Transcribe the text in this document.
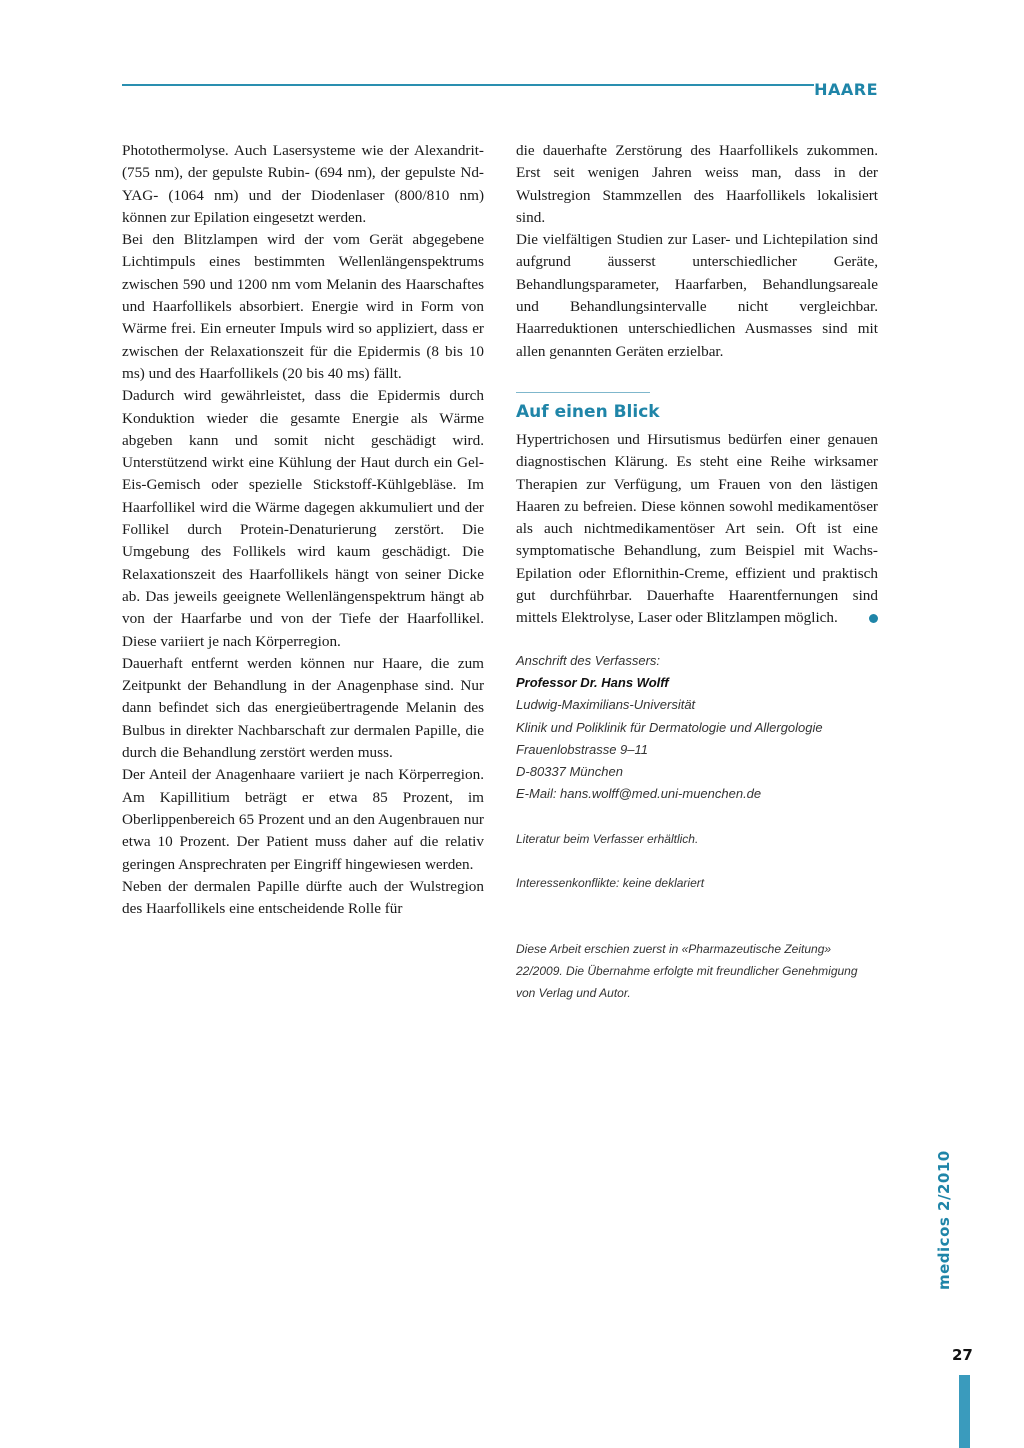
HAARE

Photothermolyse. Auch Lasersysteme wie der Alexandrit- (755 nm), der gepulste Rubin- (694 nm), der gepulste Nd-YAG- (1064 nm) und der Diodenlaser (800/810 nm) können zur Epilation eingesetzt werden.

Bei den Blitzlampen wird der vom Gerät abgegebene Lichtimpuls eines bestimmten Wellenlängenspektrums zwischen 590 und 1200 nm vom Melanin des Haarschaftes und Haarfollikels absorbiert. Energie wird in Form von Wärme frei. Ein erneuter Impuls wird so appliziert, dass er zwischen der Relaxationszeit für die Epidermis (8 bis 10 ms) und des Haarfollikels (20 bis 40 ms) fällt.

Dadurch wird gewährleistet, dass die Epidermis durch Konduktion wieder die gesamte Energie als Wärme abgeben kann und somit nicht geschädigt wird. Unterstützend wirkt eine Kühlung der Haut durch ein Gel-Eis-Gemisch oder spezielle Stickstoff-Kühlgebläse. Im Haarfollikel wird die Wärme dagegen akkumuliert und der Follikel durch Protein-Denaturierung zerstört. Die Umgebung des Follikels wird kaum geschädigt. Die Relaxationszeit des Haarfollikels hängt von seiner Dicke ab. Das jeweils geeignete Wellenlängenspektrum hängt ab von der Haarfarbe und von der Tiefe der Haarfollikel. Diese variiert je nach Körperregion.

Dauerhaft entfernt werden können nur Haare, die zum Zeitpunkt der Behandlung in der Anagenphase sind. Nur dann befindet sich das energieübertragende Melanin des Bulbus in direkter Nachbarschaft zur dermalen Papille, die durch die Behandlung zerstört werden muss.

Der Anteil der Anagenhaare variiert je nach Körperregion. Am Kapillitium beträgt er etwa 85 Prozent, im Oberlippenbereich 65 Prozent und an den Augenbrauen nur etwa 10 Prozent. Der Patient muss daher auf die relativ geringen Ansprechraten per Eingriff hingewiesen werden.

Neben der dermalen Papille dürfte auch der Wulstregion des Haarfollikels eine entscheidende Rolle für

die dauerhafte Zerstörung des Haarfollikels zukommen. Erst seit wenigen Jahren weiss man, dass in der Wulstregion Stammzellen des Haarfollikels lokalisiert sind.

Die vielfältigen Studien zur Laser- und Lichtepilation sind aufgrund äusserst unterschiedlicher Geräte, Behandlungsparameter, Haarfarben, Behandlungsareale und Behandlungsintervalle nicht vergleichbar. Haarreduktionen unterschiedlichen Ausmasses sind mit allen genannten Geräten erzielbar.

Auf einen Blick

Hypertrichosen und Hirsutismus bedürfen einer genauen diagnostischen Klärung. Es steht eine Reihe wirksamer Therapien zur Verfügung, um Frauen von den lästigen Haaren zu befreien. Diese können sowohl medikamentöser als auch nichtmedikamentöser Art sein. Oft ist eine symptomatische Behandlung, zum Beispiel mit Wachs-Epilation oder Eflornithin-Creme, effizient und praktisch gut durchführbar. Dauerhafte Haarentfernungen sind mittels Elektrolyse, Laser oder Blitzlampen möglich.

Anschrift des Verfassers:
Professor Dr. Hans Wolff
Ludwig-Maximilians-Universität
Klinik und Poliklinik für Dermatologie und Allergologie
Frauenlobstrasse 9–11
D-80337 München
E-Mail: hans.wolff@med.uni-muenchen.de
Literatur beim Verfasser erhältlich.
Interessenkonflikte: keine deklariert
Diese Arbeit erschien zuerst in «Pharmazeutische Zeitung» 22/2009. Die Übernahme erfolgte mit freundlicher Genehmigung von Verlag und Autor.
medicos 2/2010
27
